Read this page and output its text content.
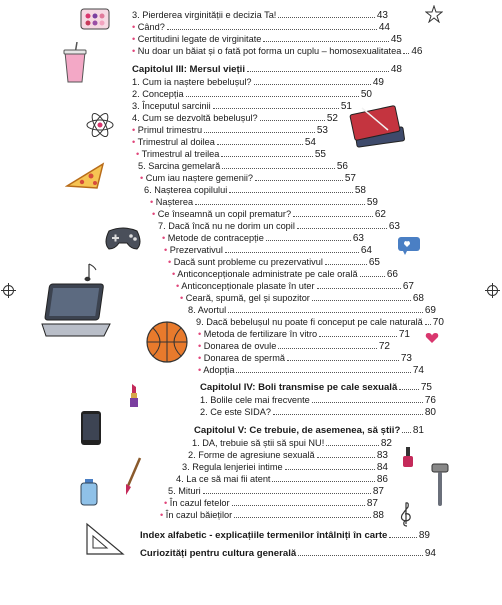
3. Pierderea virginității e decizia Ta!	43
• Când?	44
• Certitudini legate de virginitate	45
• Nu doar un băiat și o fată pot forma un cuplu – homosexualitatea 46
Capitolul III: Mersul vieții	48
1. Cum ia naștere bebelușul?	49
2. Concepția	50
3. Începutul sarcinii	51
4. Cum se dezvoltă bebelușul?	52
• Primul trimestru	53
• Trimestrul al doilea	54
• Trimestrul al treilea	55
5. Sarcina gemelară	56
• Cum iau naștere gemenii?	57
6. Nașterea copilului	58
• Nașterea	59
• Ce înseamnă un copil prematur?	62
7. Dacă încă nu ne dorim un copil	63
• Metode de contracepție	63
• Prezervativul	64
• Dacă sunt probleme cu prezervativul	65
• Anticoncepționale administrate pe cale orală	66
• Anticoncepționale plasate în uter	67
• Ceară, spumă, gel și supozitor	68
8. Avortul	69
9. Dacă bebelușul nu poate fi conceput pe cale naturală 70
• Metoda de fertilizare în vitro	71
• Donarea de ovule	72
• Donarea de spermă	73
• Adopția	74
Capitolul IV: Boli transmise pe cale sexuală 75
1. Bolile cele mai frecvente	76
2. Ce este SIDA?	80
Capitolul V: Ce trebuie, de asemenea, să știi? 81
1. DA, trebuie să știi să spui NU!	82
2. Forme de agresiune sexuală	83
3. Regula lenjeriei intime	84
4. La ce să mai fii atent	86
5. Mituri	87
• În cazul fetelor	87
• În cazul băieților	88
Index alfabetic - explicațiile termenilor întâlniți în carte	89
Curiozități pentru cultura generală	94
